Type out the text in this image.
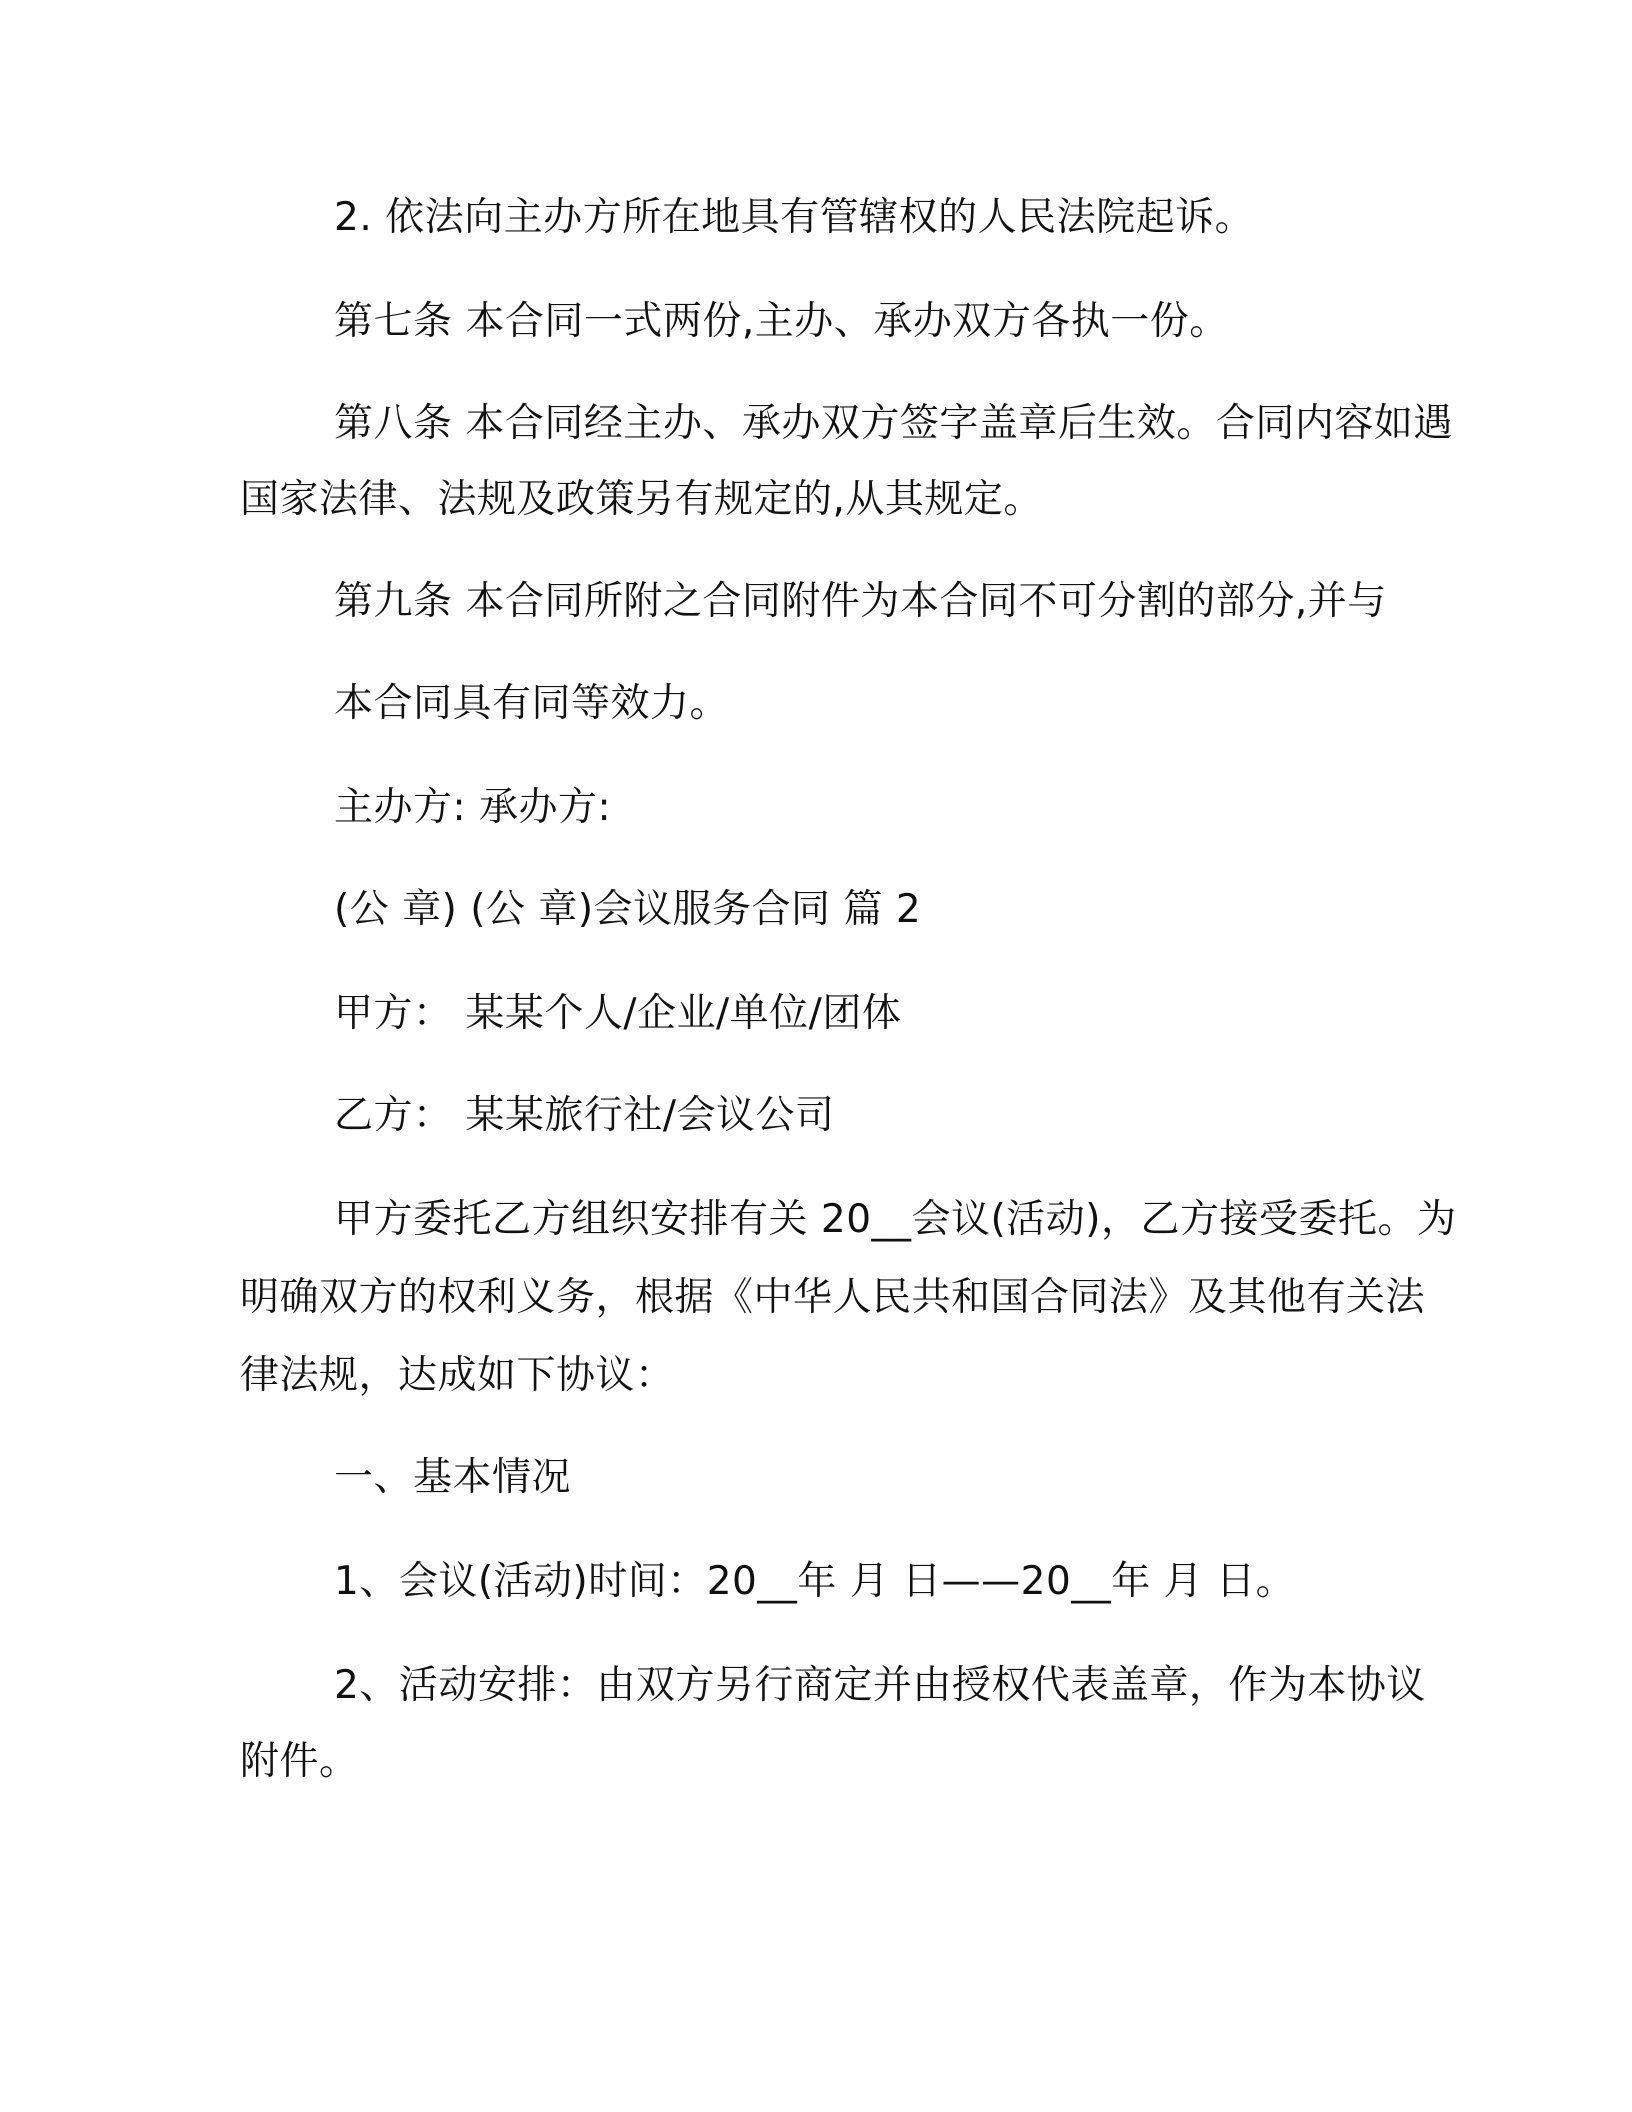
2. 依法向主办方所在地具有管辖权的人民法院起诉。
第七条 本合同一式两份,主办、承办双方各执一份。
第八条 本合同经主办、承办双方签字盖章后生效。合同内容如遇
国家法律、法规及政策另有规定的,从其规定。
第九条 本合同所附之合同附件为本合同不可分割的部分,并与
本合同具有同等效力。
主办方: 承办方:
(公 章) (公 章)会议服务合同 篇 2
甲方： 某某个人/企业/单位/团体
乙方： 某某旅行社/会议公司
甲方委托乙方组织安排有关 20__会议(活动)，乙方接受委托。为
明确双方的权利义务，根据《中华人民共和国合同法》及其他有关法
律法规，达成如下协议：
一、基本情况
1、会议(活动)时间：20__年 月 日——20__年 月 日。
2、活动安排：由双方另行商定并由授权代表盖章，作为本协议
附件。
